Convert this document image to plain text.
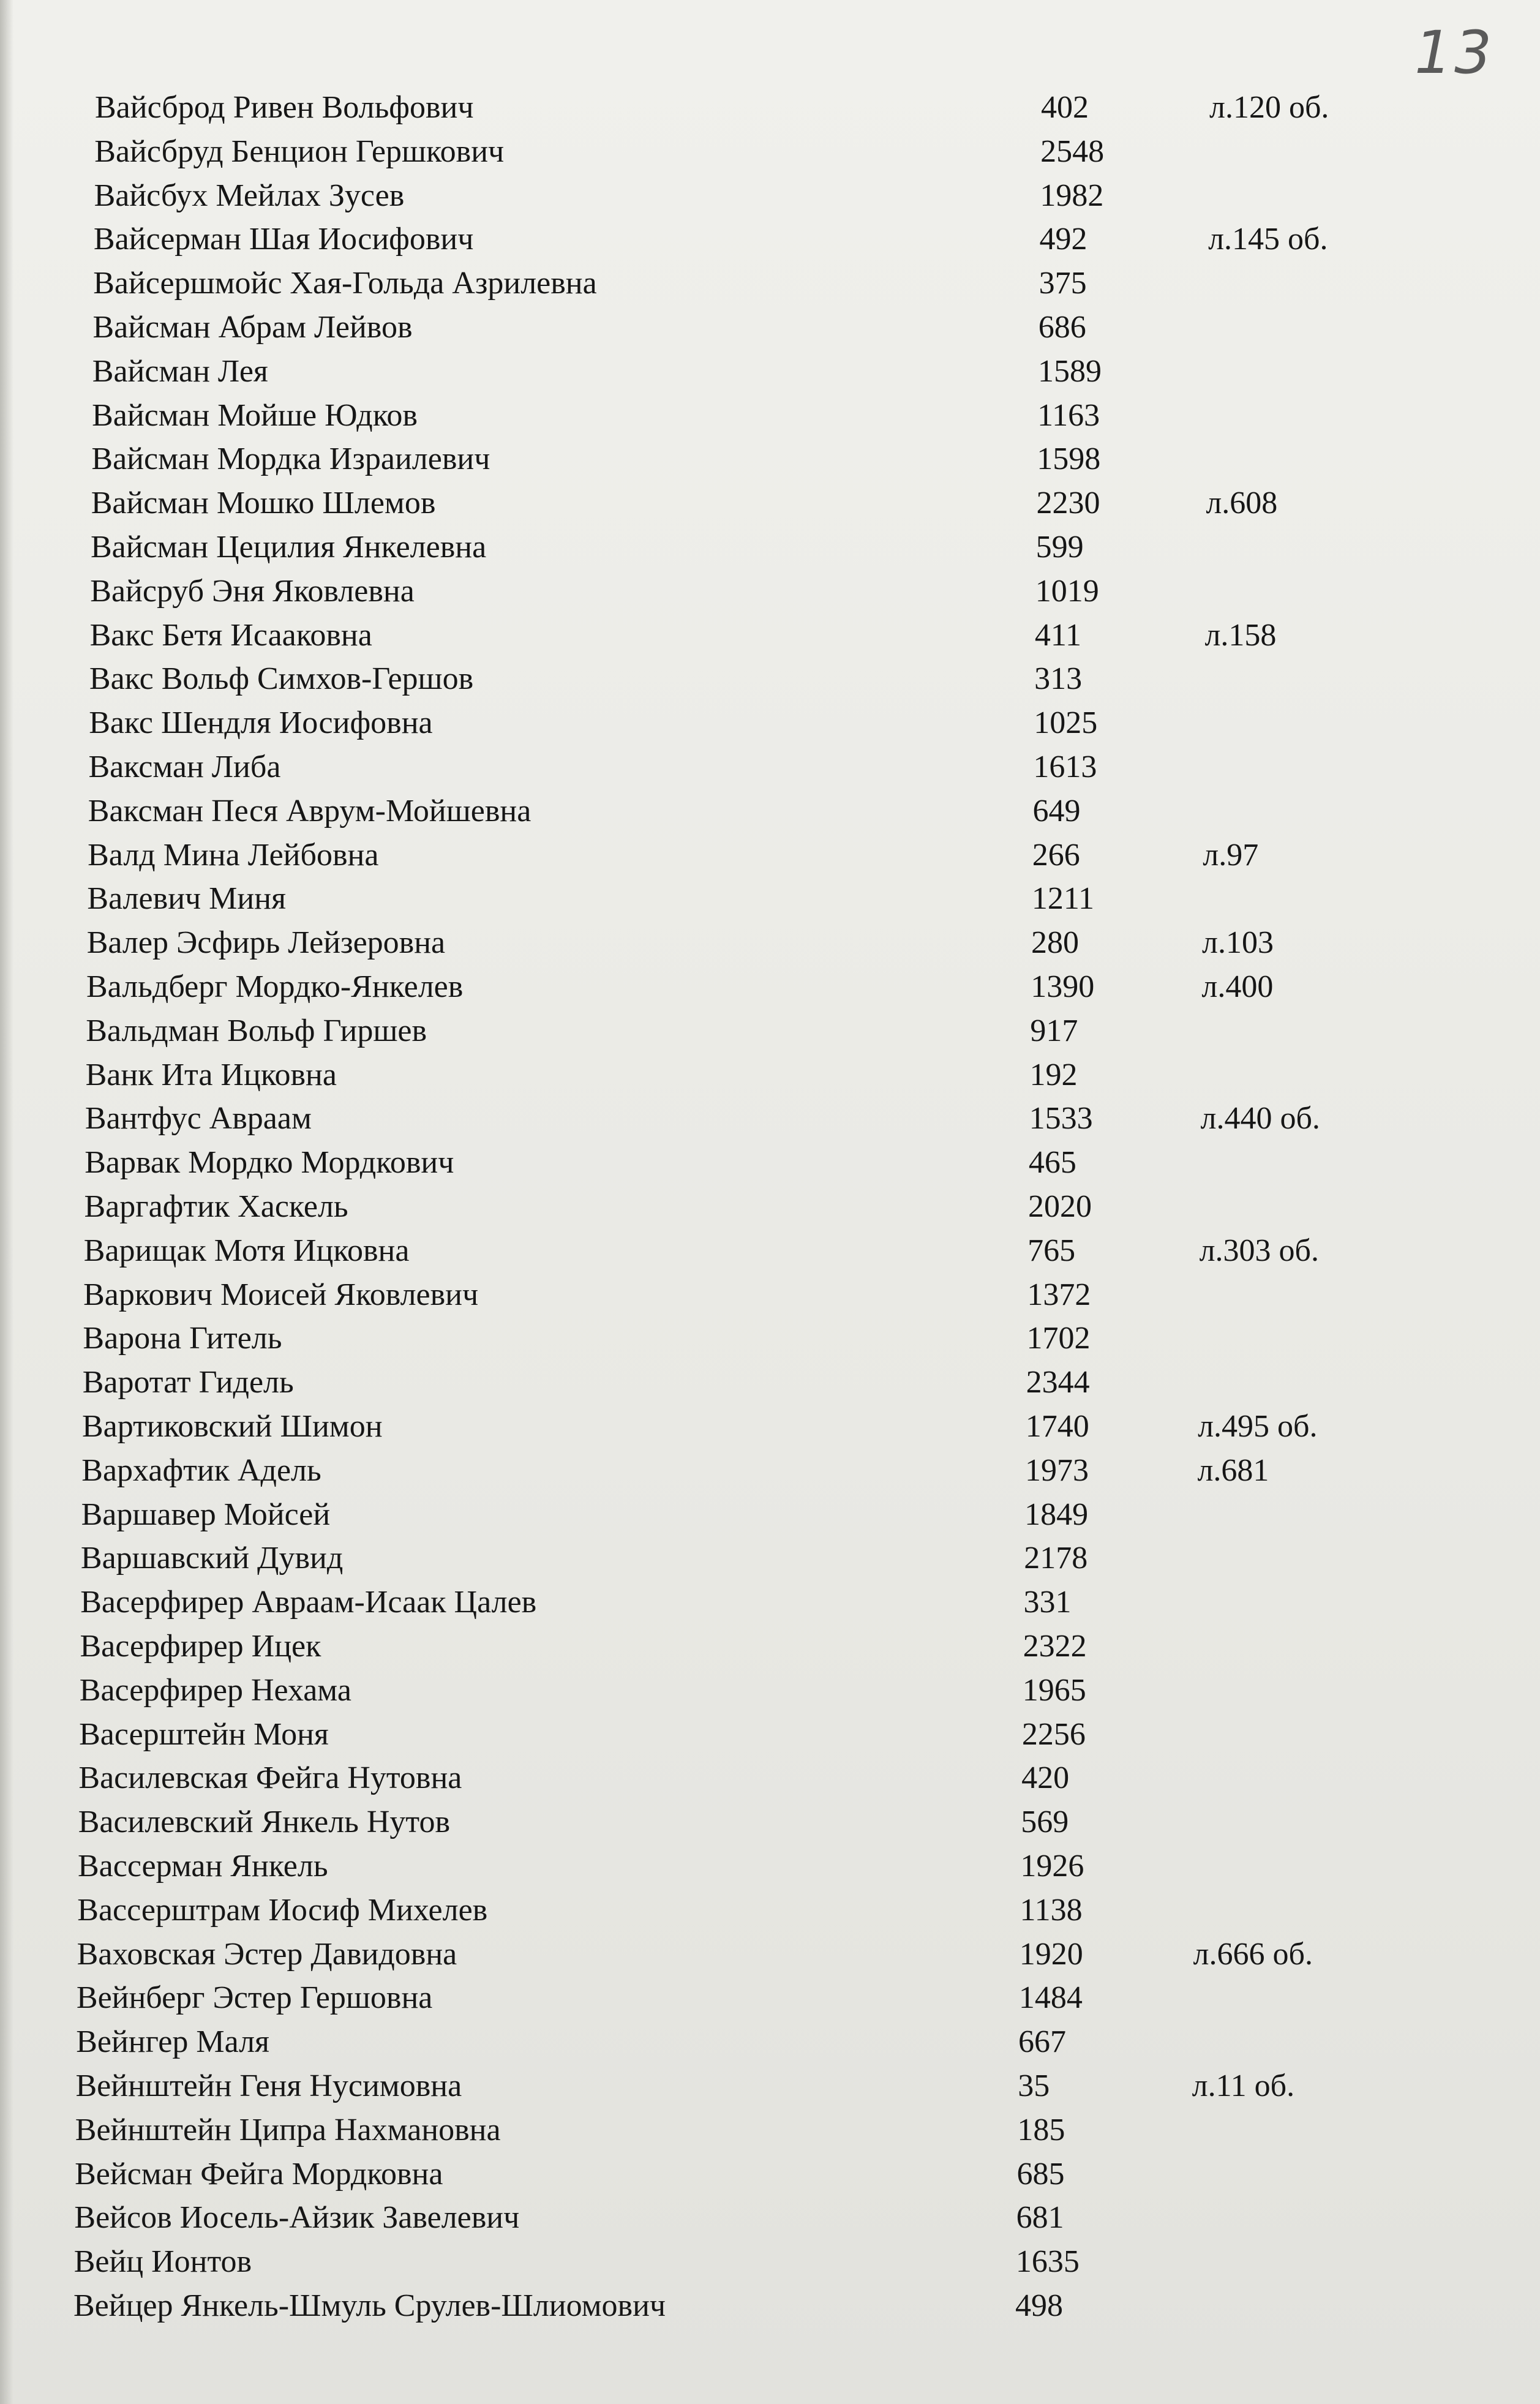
13
Вайсброд Ривен Вольфович	402	л.120 об.
Вайсбруд Бенцион Гершкович	2548
Вайсбух Мейлах Зусев	1982
Вайсерман Шая Иосифович	492	л.145 об.
Вайсершмойс Хая-Гольда Азрилевна	375
Вайсман Абрам Лейвов	686
Вайсман Лея	1589
Вайсман Мойше Юдков	1163
Вайсман Мордка Израилевич	1598
Вайсман Мошко Шлемов	2230	л.608
Вайсман Цецилия Янкелевна	599
Вайсруб Эня Яковлевна	1019
Вакс Бетя Исааковна	411	л.158
Вакс Вольф Симхов-Гершов	313
Вакс Шендля Иосифовна	1025
Ваксман Либа	1613
Ваксман Песя Аврум-Мойшевна	649
Валд Мина Лейбовна	266	л.97
Валевич Миня	1211
Валер Эсфирь Лейзеровна	280	л.103
Вальдберг Мордко-Янкелев	1390	л.400
Вальдман Вольф Гиршев	917
Ванк Ита Ицковна	192
Вантфус Авраам	1533	л.440 об.
Варвак Мордко Мордкович	465
Варгафтик Хаскель	2020
Варищак Мотя Ицковна	765	л.303 об.
Варкович Моисей Яковлевич	1372
Варона Гитель	1702
Варотат Гидель	2344
Вартиковский Шимон	1740	л.495 об.
Вархафтик Адель	1973	л.681
Варшавер Мойсей	1849
Варшавский Дувид	2178
Васерфирер Авраам-Исаак Цалев	331
Васерфирер Ицек	2322
Васерфирер Нехама	1965
Васерштейн Моня	2256
Василевская Фейга Нутовна	420
Василевский Янкель Нутов	569
Вассерман Янкель	1926
Вассерштрам Иосиф Михелев	1138
Ваховская Эстер Давидовна	1920	л.666 об.
Вейнберг Эстер Гершовна	1484
Вейнгер Маля	667
Вейнштейн Геня Нусимовна	35	л.11 об.
Вейнштейн Ципра Нахмановна	185
Вейсман Фейга Мордковна	685
Вейсов Иосель-Айзик Завелевич	681
Вейц Ионтов	1635
Вейцер Янкель-Шмуль Срулев-Шлиомович	498
